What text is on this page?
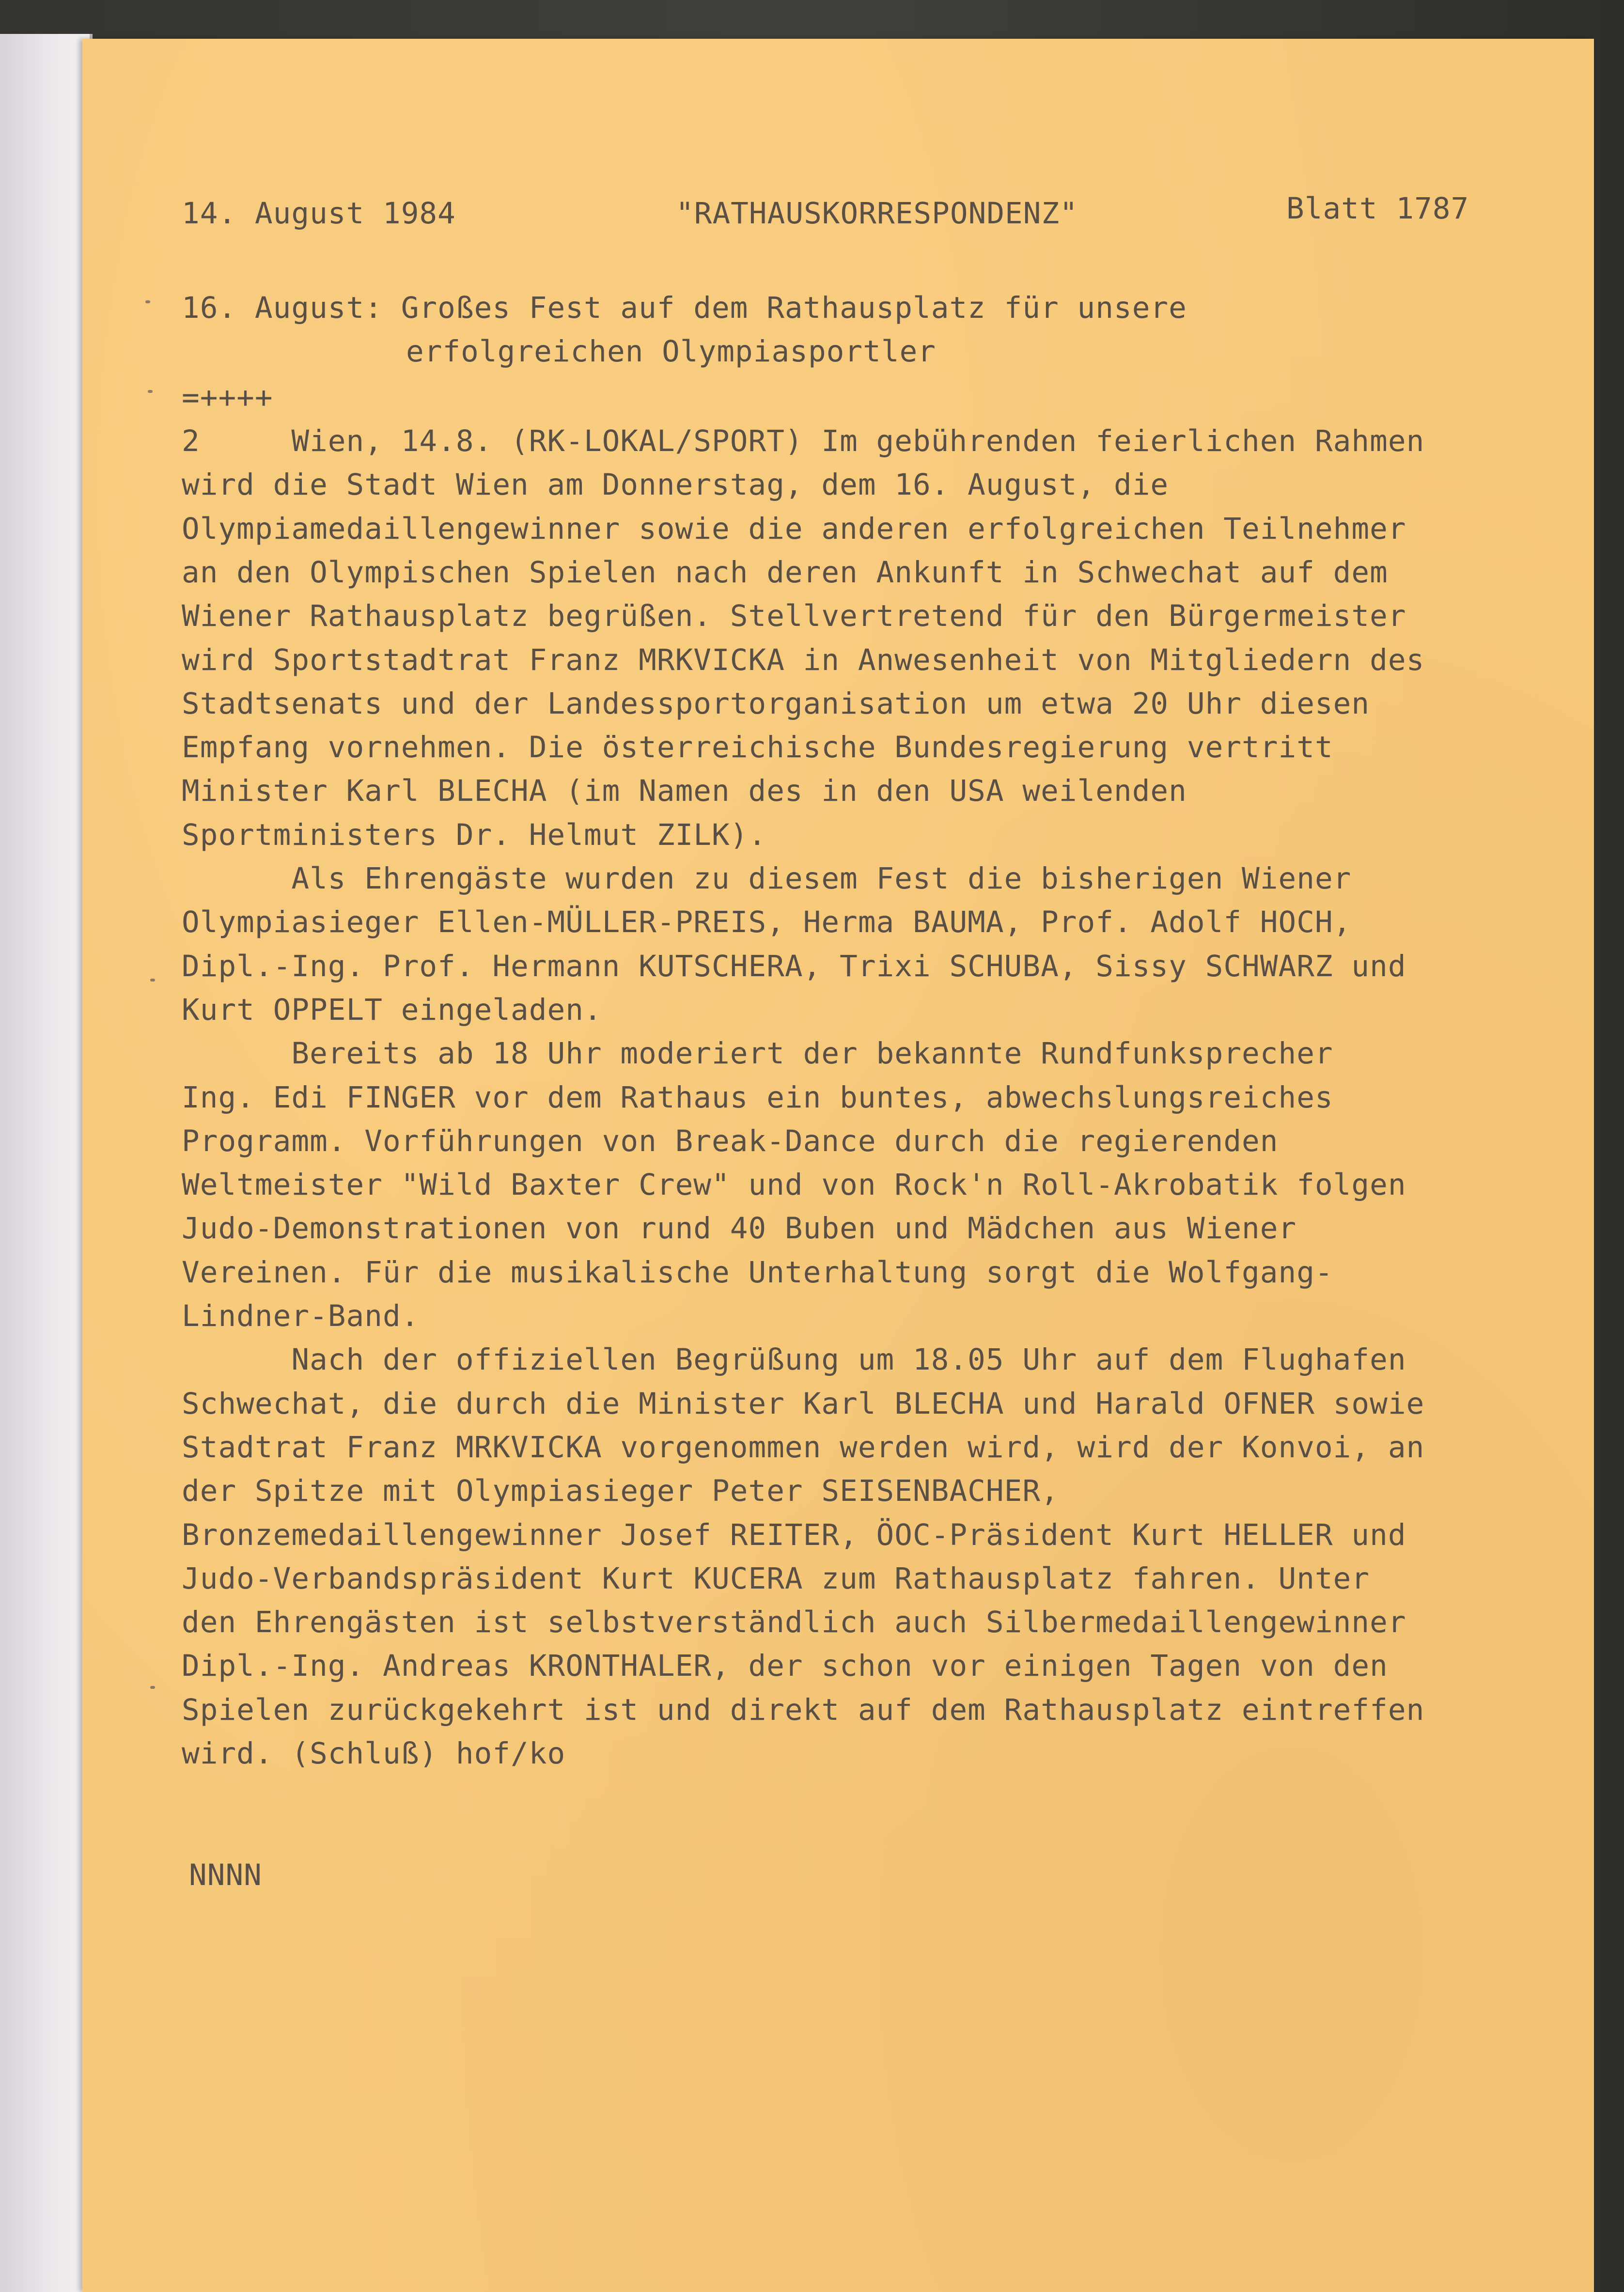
14. August 1984	"RATHAUSKORRESPONDENZ"	Blatt 1787
16. August: Großes Fest auf dem Rathausplatz für unsere
erfolgreichen Olympiasportler
=++++
2     Wien, 14.8. (RK-LOKAL/SPORT) Im gebührenden feierlichen Rahmen
wird die Stadt Wien am Donnerstag, dem 16. August, die
Olympiamedaillengewinner sowie die anderen erfolgreichen Teilnehmer
an den Olympischen Spielen nach deren Ankunft in Schwechat auf dem
Wiener Rathausplatz begrüßen. Stellvertretend für den Bürgermeister
wird Sportstadtrat Franz MRKVICKA in Anwesenheit von Mitgliedern des
Stadtsenats und der Landessportorganisation um etwa 20 Uhr diesen
Empfang vornehmen. Die österreichische Bundesregierung vertritt
Minister Karl BLECHA (im Namen des in den USA weilenden
Sportministers Dr. Helmut ZILK).
Als Ehrengäste wurden zu diesem Fest die bisherigen Wiener
Olympiasieger Ellen-MÜLLER-PREIS, Herma BAUMA, Prof. Adolf HOCH,
Dipl.-Ing. Prof. Hermann KUTSCHERA, Trixi SCHUBA, Sissy SCHWARZ und
Kurt OPPELT eingeladen.
Bereits ab 18 Uhr moderiert der bekannte Rundfunksprecher
Ing. Edi FINGER vor dem Rathaus ein buntes, abwechslungsreiches
Programm. Vorführungen von Break-Dance durch die regierenden
Weltmeister "Wild Baxter Crew" und von Rock'n Roll-Akrobatik folgen
Judo-Demonstrationen von rund 40 Buben und Mädchen aus Wiener
Vereinen. Für die musikalische Unterhaltung sorgt die Wolfgang-
Lindner-Band.
Nach der offiziellen Begrüßung um 18.05 Uhr auf dem Flughafen
Schwechat, die durch die Minister Karl BLECHA und Harald OFNER sowie
Stadtrat Franz MRKVICKA vorgenommen werden wird, wird der Konvoi, an
der Spitze mit Olympiasieger Peter SEISENBACHER,
Bronzemedaillengewinner Josef REITER, ÖOC-Präsident Kurt HELLER und
Judo-Verbandspräsident Kurt KUCERA zum Rathausplatz fahren. Unter
den Ehrengästen ist selbstverständlich auch Silbermedaillengewinner
Dipl.-Ing. Andreas KRONTHALER, der schon vor einigen Tagen von den
Spielen zurückgekehrt ist und direkt auf dem Rathausplatz eintreffen
wird. (Schluß) hof/ko
NNNN
